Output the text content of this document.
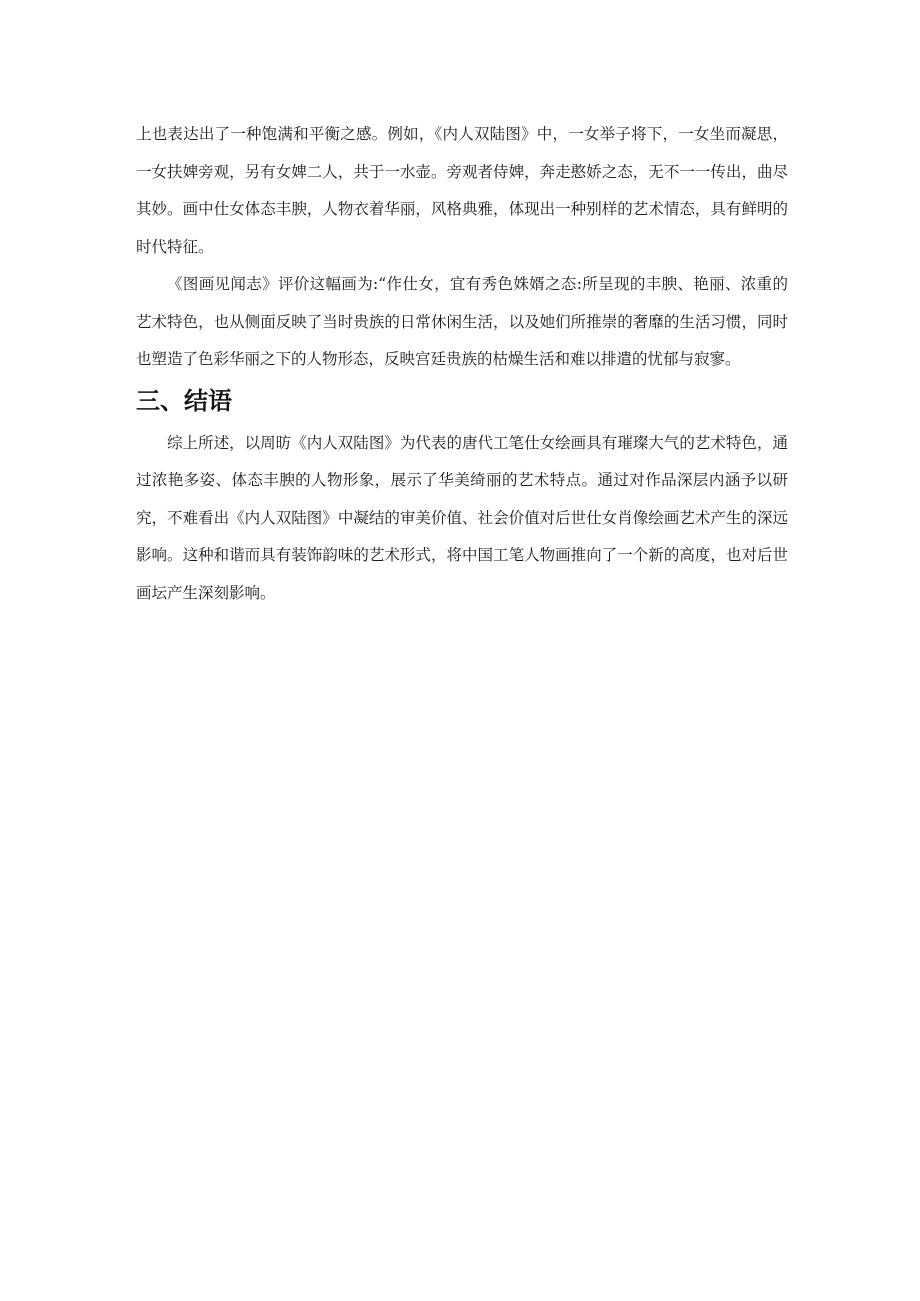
上也表达出了一种饱满和平衡之感。例如，《内人双陆图》中，一女举子将下，一女坐而凝思，一女扶婢旁观，另有女婢二人，共于一水壶。旁观者侍婢，奔走憨娇之态，无不一一传出，曲尽其妙。画中仕女体态丰腴，人物衣着华丽，风格典雅，体现出一种别样的艺术情态，具有鲜明的时代特征。

《图画见闻志》评价这幅画为:“作仕女，宜有秀色姝婿之态:所呈现的丰腴、艳丽、浓重的艺术特色，也从侧面反映了当时贵族的日常休闲生活，以及她们所推崇的奢靡的生活习惯，同时也塑造了色彩华丽之下的人物形态，反映宫廷贵族的枯燥生活和难以排遣的忧郁与寂寥。

三、结语

综上所述，以周昉《内人双陆图》为代表的唐代工笔仕女绘画具有璀璨大气的艺术特色，通过浓艳多姿、体态丰腴的人物形象，展示了华美绮丽的艺术特点。通过对作品深层内涵予以研究，不难看出《内人双陆图》中凝结的审美价值、社会价值对后世仕女肖像绘画艺术产生的深远影响。这种和谐而具有装饰韵味的艺术形式，将中国工笔人物画推向了一个新的高度，也对后世画坛产生深刻影响。
